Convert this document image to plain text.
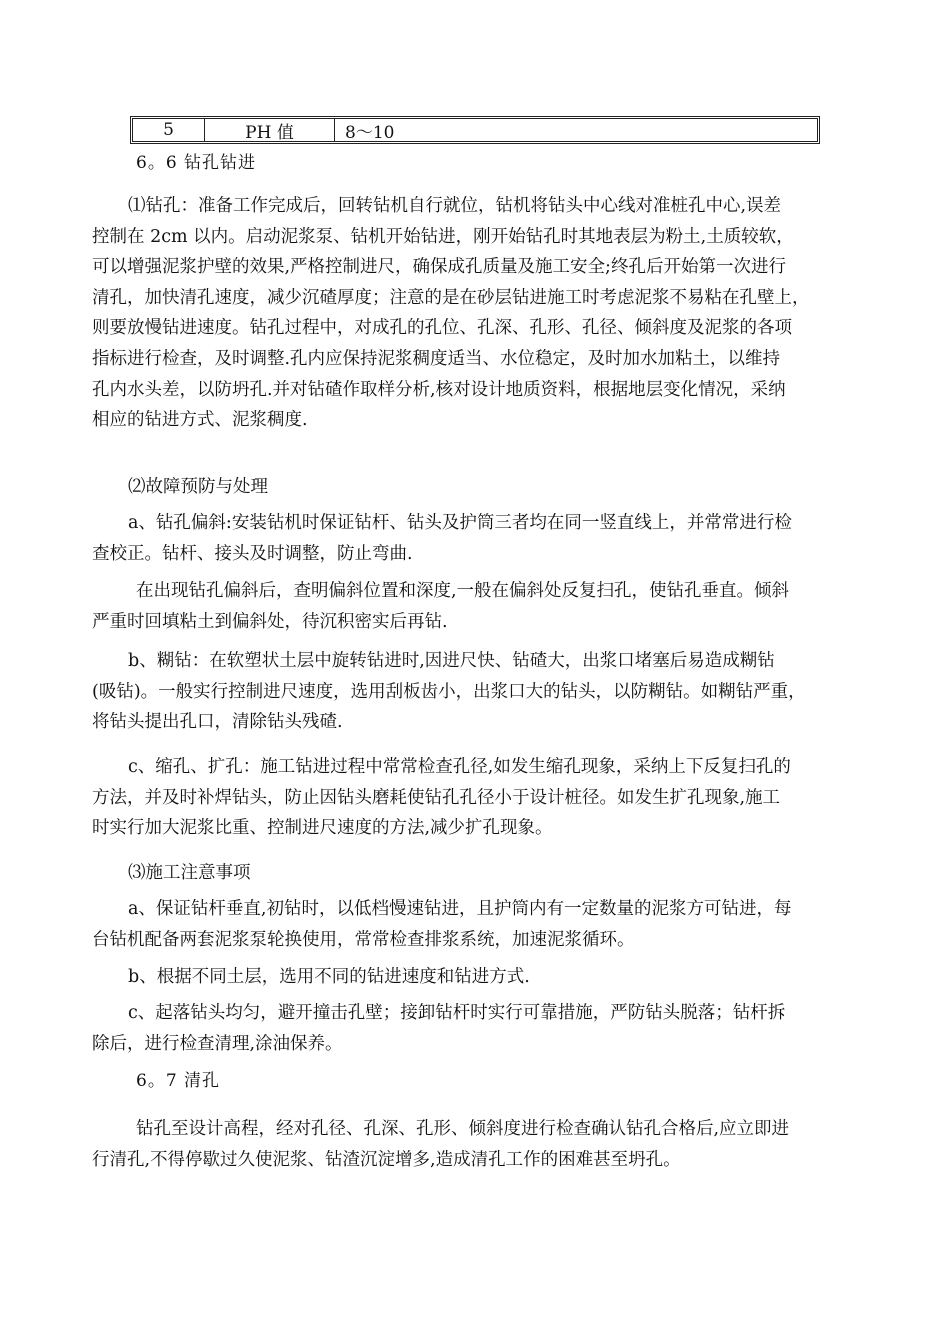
5	PH 值	8～10
6。6 钻孔钻进

⑴钻孔：准备工作完成后，回转钻机自行就位，钻机将钻头中心线对准桩孔中心,误差
控制在 2cm 以内。启动泥浆泵、钻机开始钻进，刚开始钻孔时其地表层为粉土,土质较软，
可以增强泥浆护壁的效果,严格控制进尺，确保成孔质量及施工安全;终孔后开始第一次进行
清孔，加快清孔速度，减少沉碴厚度；注意的是在砂层钻进施工时考虑泥浆不易粘在孔壁上，
则要放慢钻进速度。钻孔过程中，对成孔的孔位、孔深、孔形、孔径、倾斜度及泥浆的各项
指标进行检查，及时调整.孔内应保持泥浆稠度适当、水位稳定，及时加水加粘土，以维持
孔内水头差，以防坍孔.并对钻碴作取样分析,核对设计地质资料，根据地层变化情况，采纳
相应的钻进方式、泥浆稠度.

⑵故障预防与处理

a、钻孔偏斜:安装钻机时保证钻杆、钻头及护筒三者均在同一竖直线上，并常常进行检
查校正。钻杆、接头及时调整，防止弯曲.

在出现钻孔偏斜后，查明偏斜位置和深度,一般在偏斜处反复扫孔，使钻孔垂直。倾斜
严重时回填粘土到偏斜处，待沉积密实后再钻.

b、糊钻：在软塑状土层中旋转钻进时,因进尺快、钻碴大，出浆口堵塞后易造成糊钻
(吸钻)。一般实行控制进尺速度，选用刮板齿小，出浆口大的钻头，以防糊钻。如糊钻严重，
将钻头提出孔口，清除钻头残碴.

c、缩孔、扩孔：施工钻进过程中常常检查孔径,如发生缩孔现象，采纳上下反复扫孔的
方法，并及时补焊钻头，防止因钻头磨耗使钻孔孔径小于设计桩径。如发生扩孔现象,施工
时实行加大泥浆比重、控制进尺速度的方法,减少扩孔现象。

⑶施工注意事项

a、保证钻杆垂直,初钻时，以低档慢速钻进，且护筒内有一定数量的泥浆方可钻进，每
台钻机配备两套泥浆泵轮换使用，常常检查排浆系统，加速泥浆循环。

b、根据不同土层，选用不同的钻进速度和钻进方式.

c、起落钻头均匀，避开撞击孔壁；接卸钻杆时实行可靠措施，严防钻头脱落；钻杆拆
除后，进行检查清理,涂油保养。

6。7 清孔

钻孔至设计高程，经对孔径、孔深、孔形、倾斜度进行检查确认钻孔合格后,应立即进
行清孔,不得停歇过久使泥浆、钻渣沉淀增多,造成清孔工作的困难甚至坍孔。
